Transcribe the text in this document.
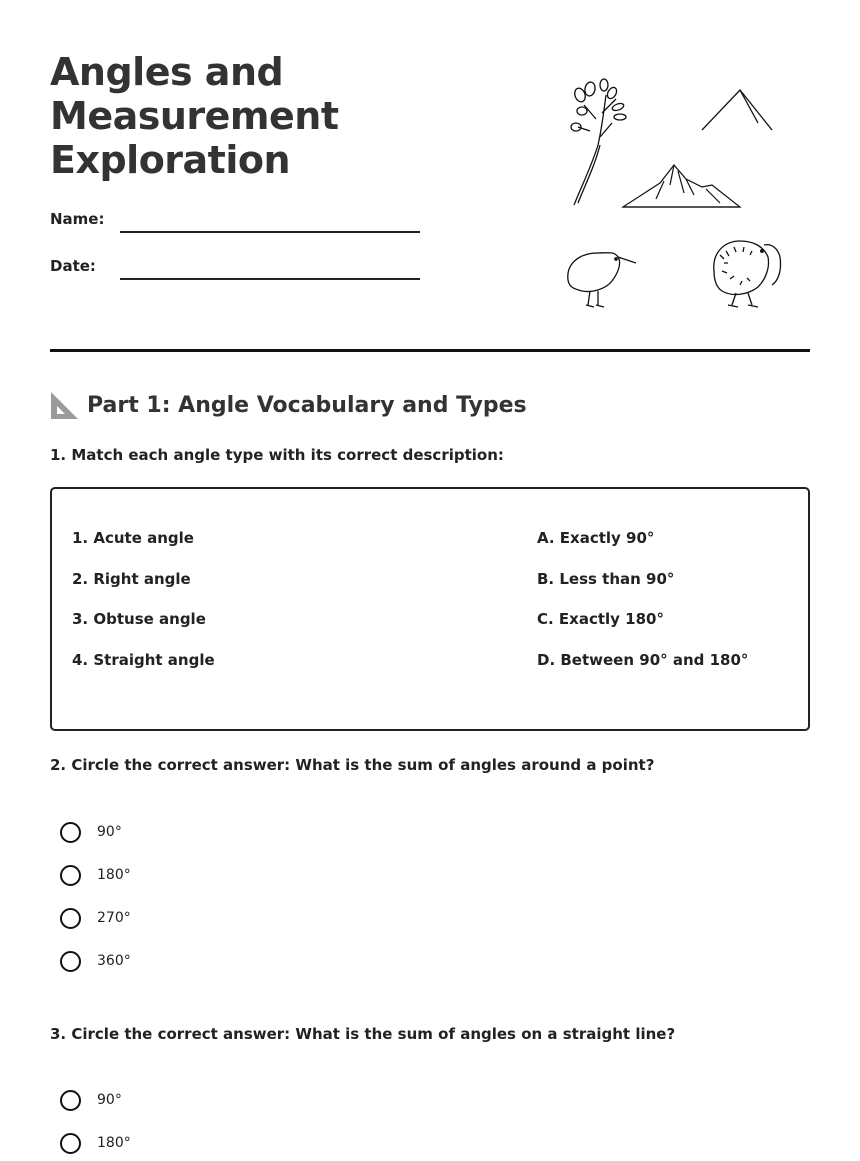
Angles and
Measurement
Exploration
Name:
Date:
Part 1: Angle Vocabulary and Types
1. Match each angle type with its correct description:
1. Acute angle
2. Right angle
3. Obtuse angle
4. Straight angle
A. Exactly 90°
B. Less than 90°
C. Exactly 180°
D. Between 90° and 180°
2. Circle the correct answer: What is the sum of angles around a point?
90°
180°
270°
360°
3. Circle the correct answer: What is the sum of angles on a straight line?
90°
180°
